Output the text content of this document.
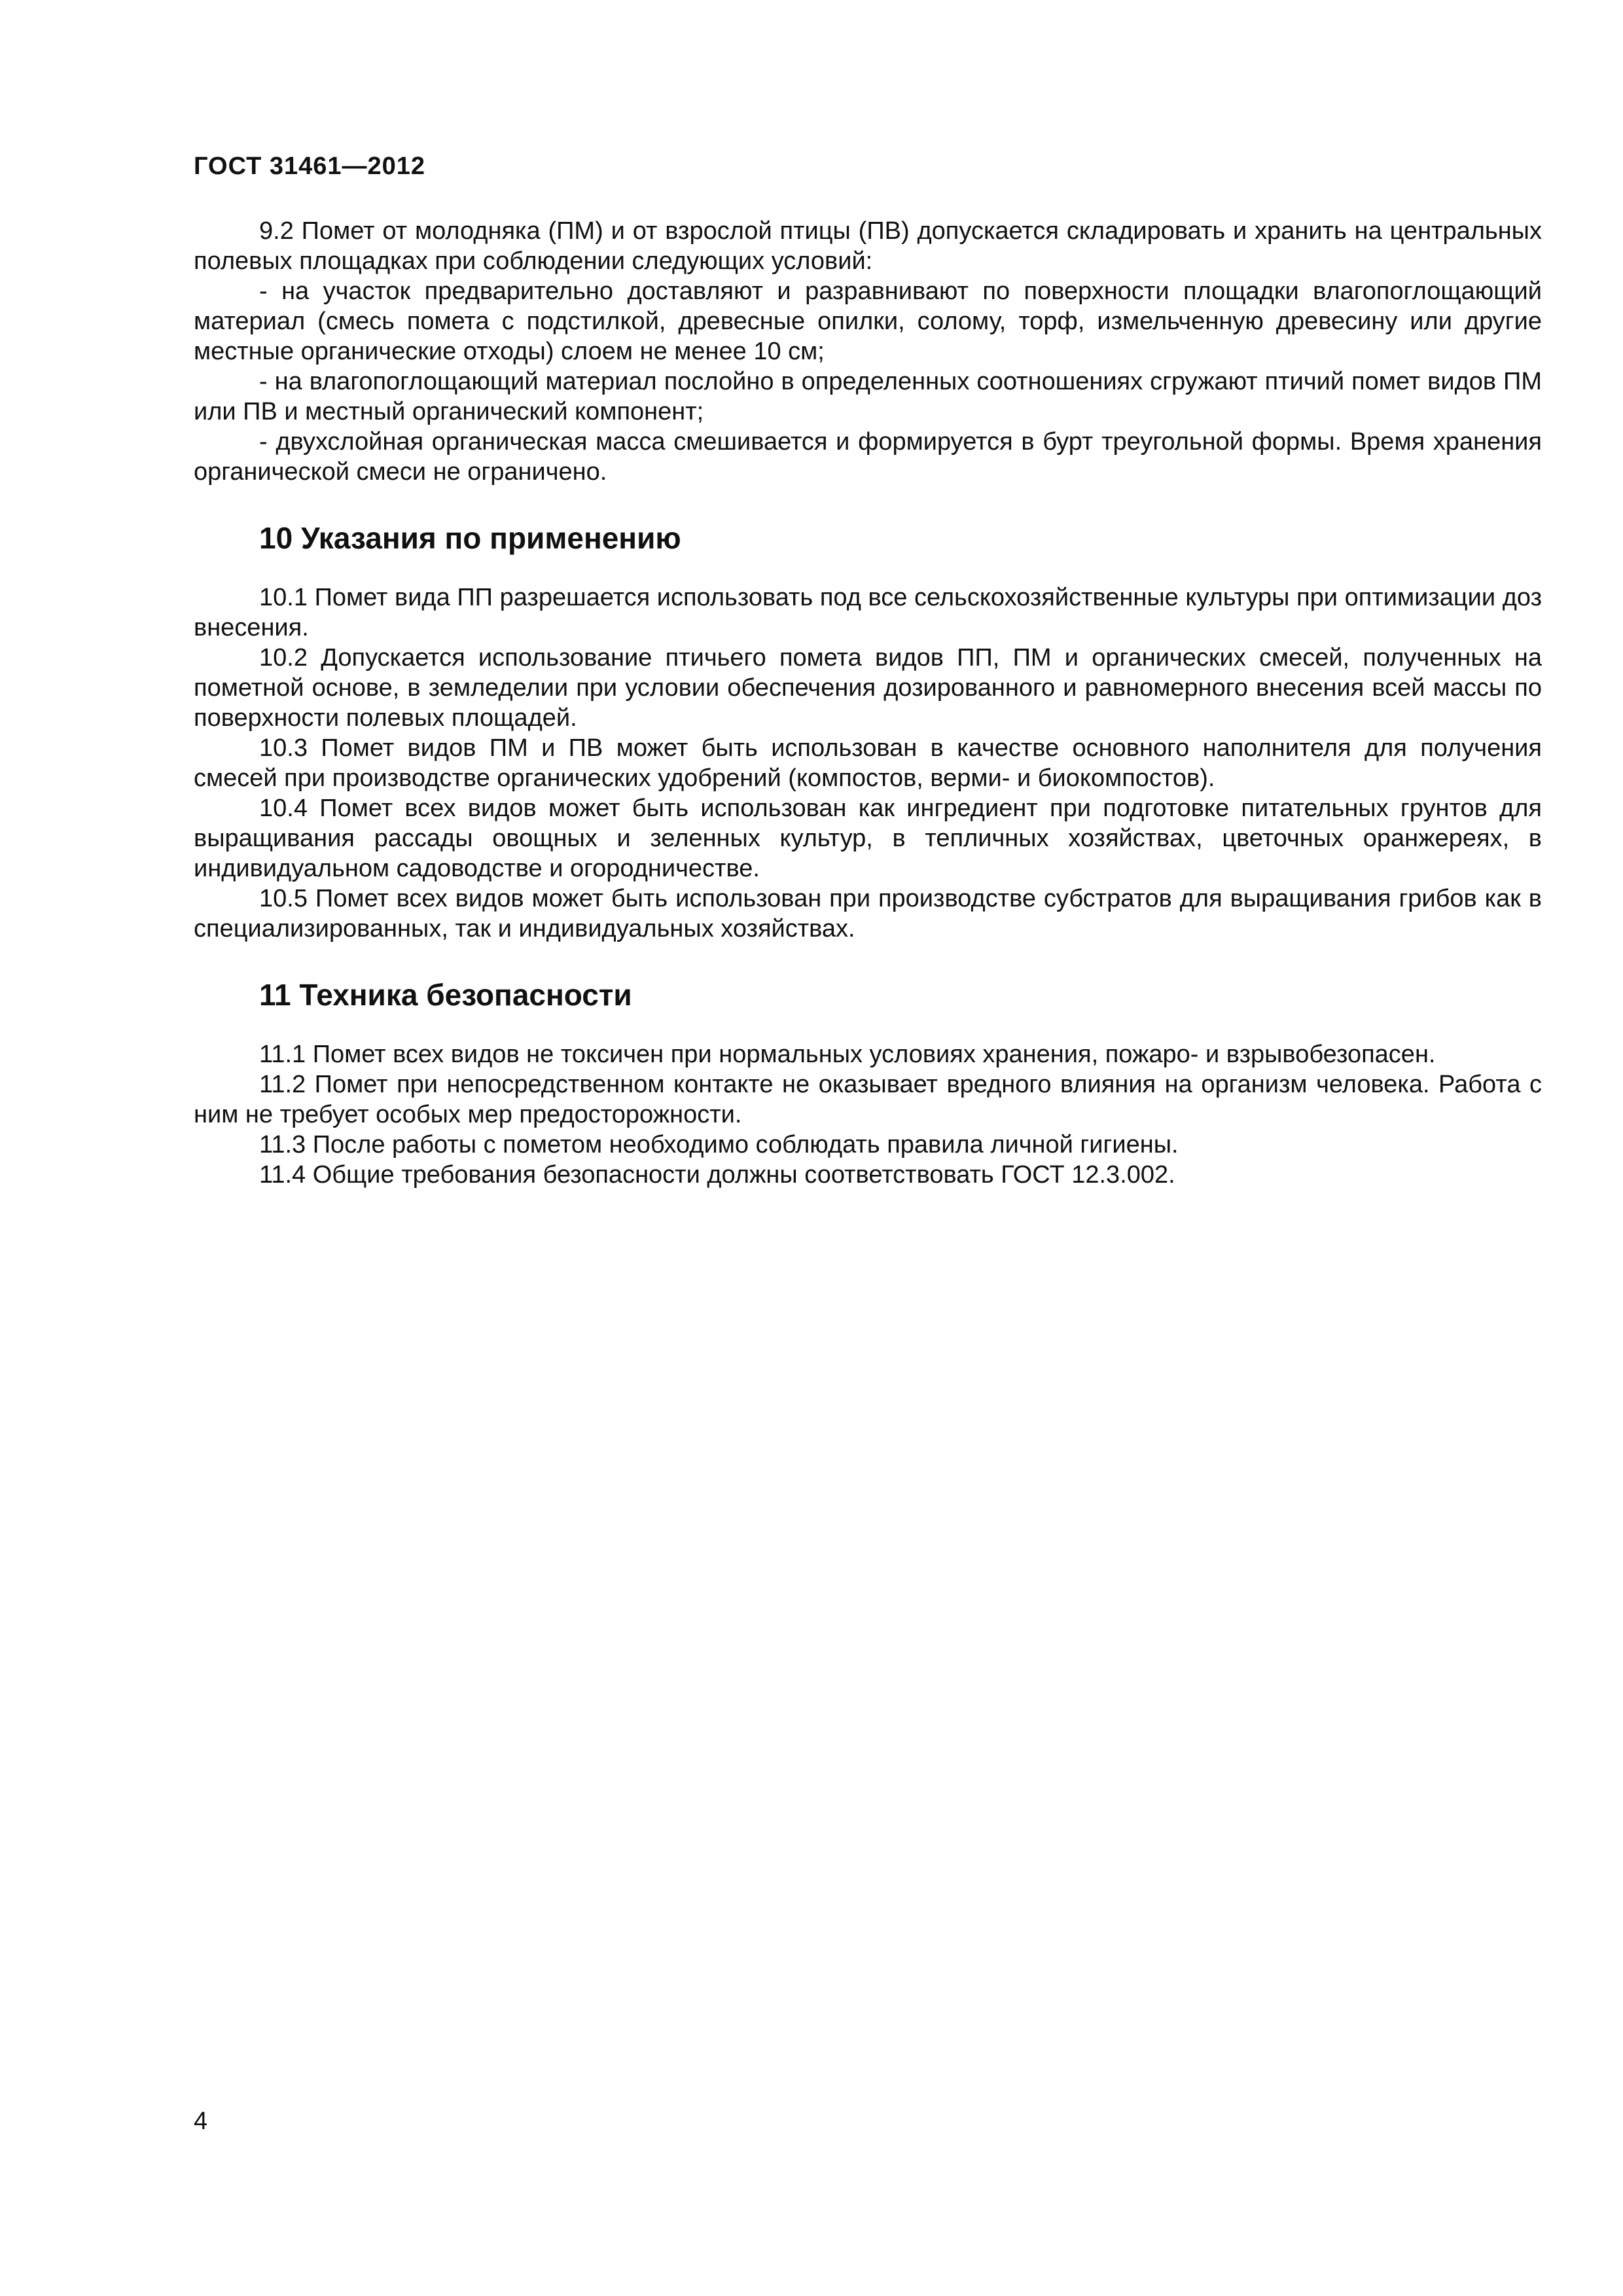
ГОСТ 31461—2012

9.2 Помет от молодняка (ПМ) и от взрослой птицы (ПВ) допускается складировать и хранить на центральных полевых площадках при соблюдении следующих условий:

- на участок предварительно доставляют и разравнивают по поверхности площадки влагопоглощающий материал (смесь помета с подстилкой, древесные опилки, солому, торф, измельченную древесину или другие местные органические отходы) слоем не менее 10 см;

- на влагопоглощающий материал послойно в определенных соотношениях сгружают птичий помет видов ПМ или ПВ и местный органический компонент;

- двухслойная органическая масса смешивается и формируется в бурт треугольной формы. Время хранения органической смеси не ограничено.

10 Указания по применению

10.1 Помет вида ПП разрешается использовать под все сельскохозяйственные культуры при оптимизации доз внесения.

10.2 Допускается использование птичьего помета видов ПП, ПМ и органических смесей, полученных на пометной основе, в земледелии при условии обеспечения дозированного и равномерного внесения всей массы по поверхности полевых площадей.

10.3 Помет видов ПМ и ПВ может быть использован в качестве основного наполнителя для получения смесей при производстве органических удобрений (компостов, верми- и биокомпостов).

10.4 Помет всех видов может быть использован как ингредиент при подготовке питательных грунтов для выращивания рассады овощных и зеленных культур, в тепличных хозяйствах, цветочных оранжереях, в индивидуальном садоводстве и огородничестве.

10.5 Помет всех видов может быть использован при производстве субстратов для выращивания грибов как в специализированных, так и индивидуальных хозяйствах.

11 Техника безопасности

11.1 Помет всех видов не токсичен при нормальных условиях хранения, пожаро- и взрывобезопасен.

11.2 Помет при непосредственном контакте не оказывает вредного влияния на организм человека. Работа с ним не требует особых мер предосторожности.

11.3 После работы с пометом необходимо соблюдать правила личной гигиены.

11.4 Общие требования безопасности должны соответствовать ГОСТ 12.3.002.

4
